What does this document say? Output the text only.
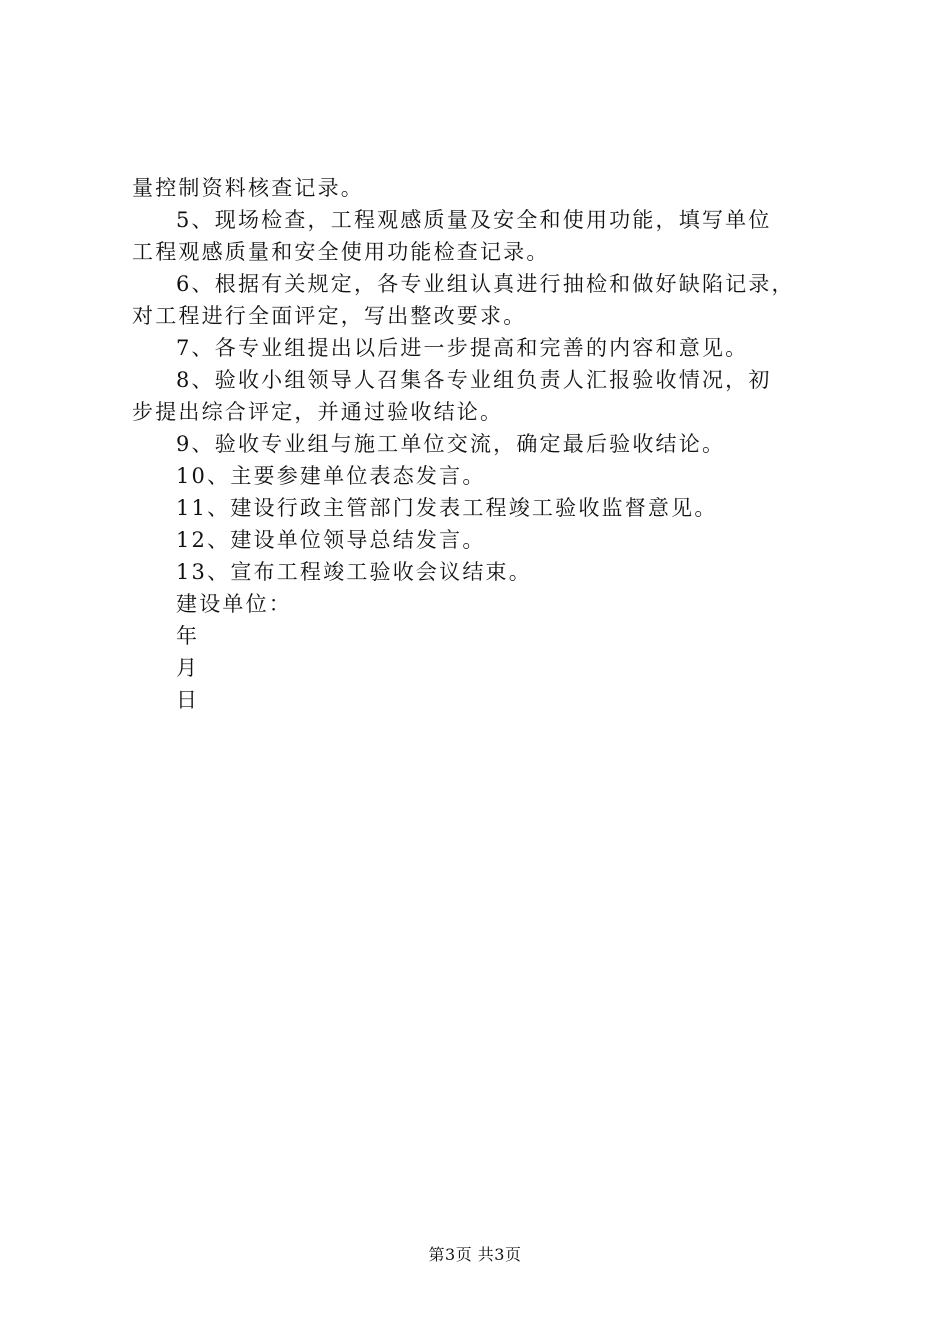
量控制资料核查记录。
5、现场检查，工程观感质量及安全和使用功能，填写单位
工程观感质量和安全使用功能检查记录。
6、根据有关规定，各专业组认真进行抽检和做好缺陷记录，
对工程进行全面评定，写出整改要求。
7、各专业组提出以后进一步提高和完善的内容和意见。
8、验收小组领导人召集各专业组负责人汇报验收情况，初
步提出综合评定，并通过验收结论。
9、验收专业组与施工单位交流，确定最后验收结论。
10、主要参建单位表态发言。
11、建设行政主管部门发表工程竣工验收监督意见。
12、建设单位领导总结发言。
13、宣布工程竣工验收会议结束。
建设单位：
年
月
日
第3页 共3页
